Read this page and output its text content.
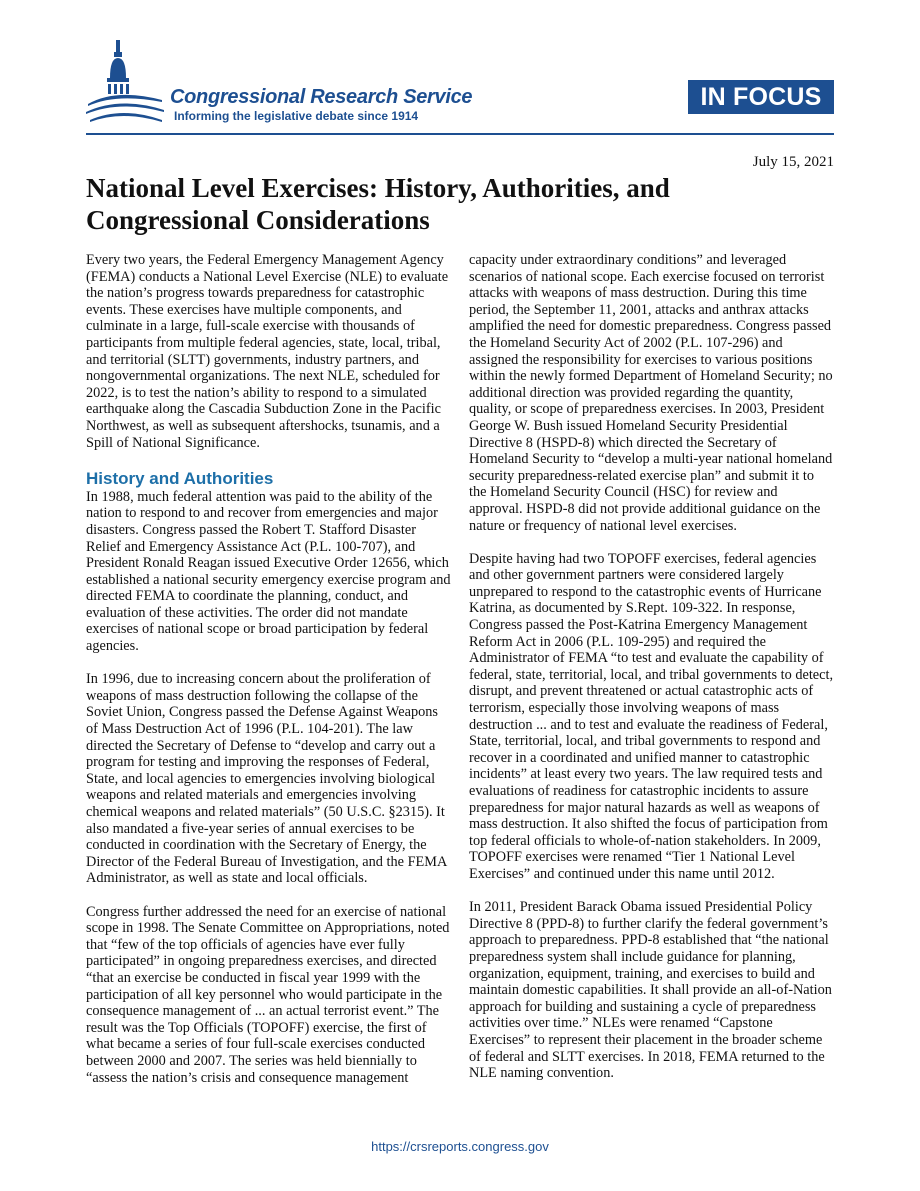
Congressional Research Service
Informing the legislative debate since 1914
IN FOCUS
July 15, 2021
National Level Exercises: History, Authorities, and Congressional Considerations

Every two years, the Federal Emergency Management Agency (FEMA) conducts a National Level Exercise (NLE) to evaluate the nation’s progress towards preparedness for catastrophic events. These exercises have multiple components, and culminate in a large, full-scale exercise with thousands of participants from multiple federal agencies, state, local, tribal, and territorial (SLTT) governments, industry partners, and nongovernmental organizations. The next NLE, scheduled for 2022, is to test the nation’s ability to respond to a simulated earthquake along the Cascadia Subduction Zone in the Pacific Northwest, as well as subsequent aftershocks, tsunamis, and a Spill of National Significance.

History and Authorities

In 1988, much federal attention was paid to the ability of the nation to respond to and recover from emergencies and major disasters. Congress passed the Robert T. Stafford Disaster Relief and Emergency Assistance Act (P.L. 100-707), and President Ronald Reagan issued Executive Order 12656, which established a national security emergency exercise program and directed FEMA to coordinate the planning, conduct, and evaluation of these activities. The order did not mandate exercises of national scope or broad participation by federal agencies.

In 1996, due to increasing concern about the proliferation of weapons of mass destruction following the collapse of the Soviet Union, Congress passed the Defense Against Weapons of Mass Destruction Act of 1996 (P.L. 104-201). The law directed the Secretary of Defense to “develop and carry out a program for testing and improving the responses of Federal, State, and local agencies to emergencies involving biological weapons and related materials and emergencies involving chemical weapons and related materials” (50 U.S.C. §2315). It also mandated a five-year series of annual exercises to be conducted in coordination with the Secretary of Energy, the Director of the Federal Bureau of Investigation, and the FEMA Administrator, as well as state and local officials.

Congress further addressed the need for an exercise of national scope in 1998. The Senate Committee on Appropriations, noted that “few of the top officials of agencies have ever fully participated” in ongoing preparedness exercises, and directed “that an exercise be conducted in fiscal year 1999 with the participation of all key personnel who would participate in the consequence management of ... an actual terrorist event.” The result was the Top Officials (TOPOFF) exercise, the first of what became a series of four full-scale exercises conducted between 2000 and 2007. The series was held biennially to “assess the nation’s crisis and consequence management

capacity under extraordinary conditions” and leveraged scenarios of national scope. Each exercise focused on terrorist attacks with weapons of mass destruction. During this time period, the September 11, 2001, attacks and anthrax attacks amplified the need for domestic preparedness. Congress passed the Homeland Security Act of 2002 (P.L. 107-296) and assigned the responsibility for exercises to various positions within the newly formed Department of Homeland Security; no additional direction was provided regarding the quantity, quality, or scope of preparedness exercises. In 2003, President George W. Bush issued Homeland Security Presidential Directive 8 (HSPD-8) which directed the Secretary of Homeland Security to “develop a multi-year national homeland security preparedness-related exercise plan” and submit it to the Homeland Security Council (HSC) for review and approval. HSPD-8 did not provide additional guidance on the nature or frequency of national level exercises.

Despite having had two TOPOFF exercises, federal agencies and other government partners were considered largely unprepared to respond to the catastrophic events of Hurricane Katrina, as documented by S.Rept. 109-322. In response, Congress passed the Post-Katrina Emergency Management Reform Act in 2006 (P.L. 109-295) and required the Administrator of FEMA “to test and evaluate the capability of federal, state, territorial, local, and tribal governments to detect, disrupt, and prevent threatened or actual catastrophic acts of terrorism, especially those involving weapons of mass destruction ... and to test and evaluate the readiness of Federal, State, territorial, local, and tribal governments to respond and recover in a coordinated and unified manner to catastrophic incidents” at least every two years. The law required tests and evaluations of readiness for catastrophic incidents to assure preparedness for major natural hazards as well as weapons of mass destruction. It also shifted the focus of participation from top federal officials to whole-of-nation stakeholders. In 2009, TOPOFF exercises were renamed “Tier 1 National Level Exercises” and continued under this name until 2012.

In 2011, President Barack Obama issued Presidential Policy Directive 8 (PPD-8) to further clarify the federal government’s approach to preparedness. PPD-8 established that “the national preparedness system shall include guidance for planning, organization, equipment, training, and exercises to build and maintain domestic capabilities. It shall provide an all-of-Nation approach for building and sustaining a cycle of preparedness activities over time.” NLEs were renamed “Capstone Exercises” to represent their placement in the broader scheme of federal and SLTT exercises. In 2018, FEMA returned to the NLE naming convention.

https://crsreports.congress.gov
